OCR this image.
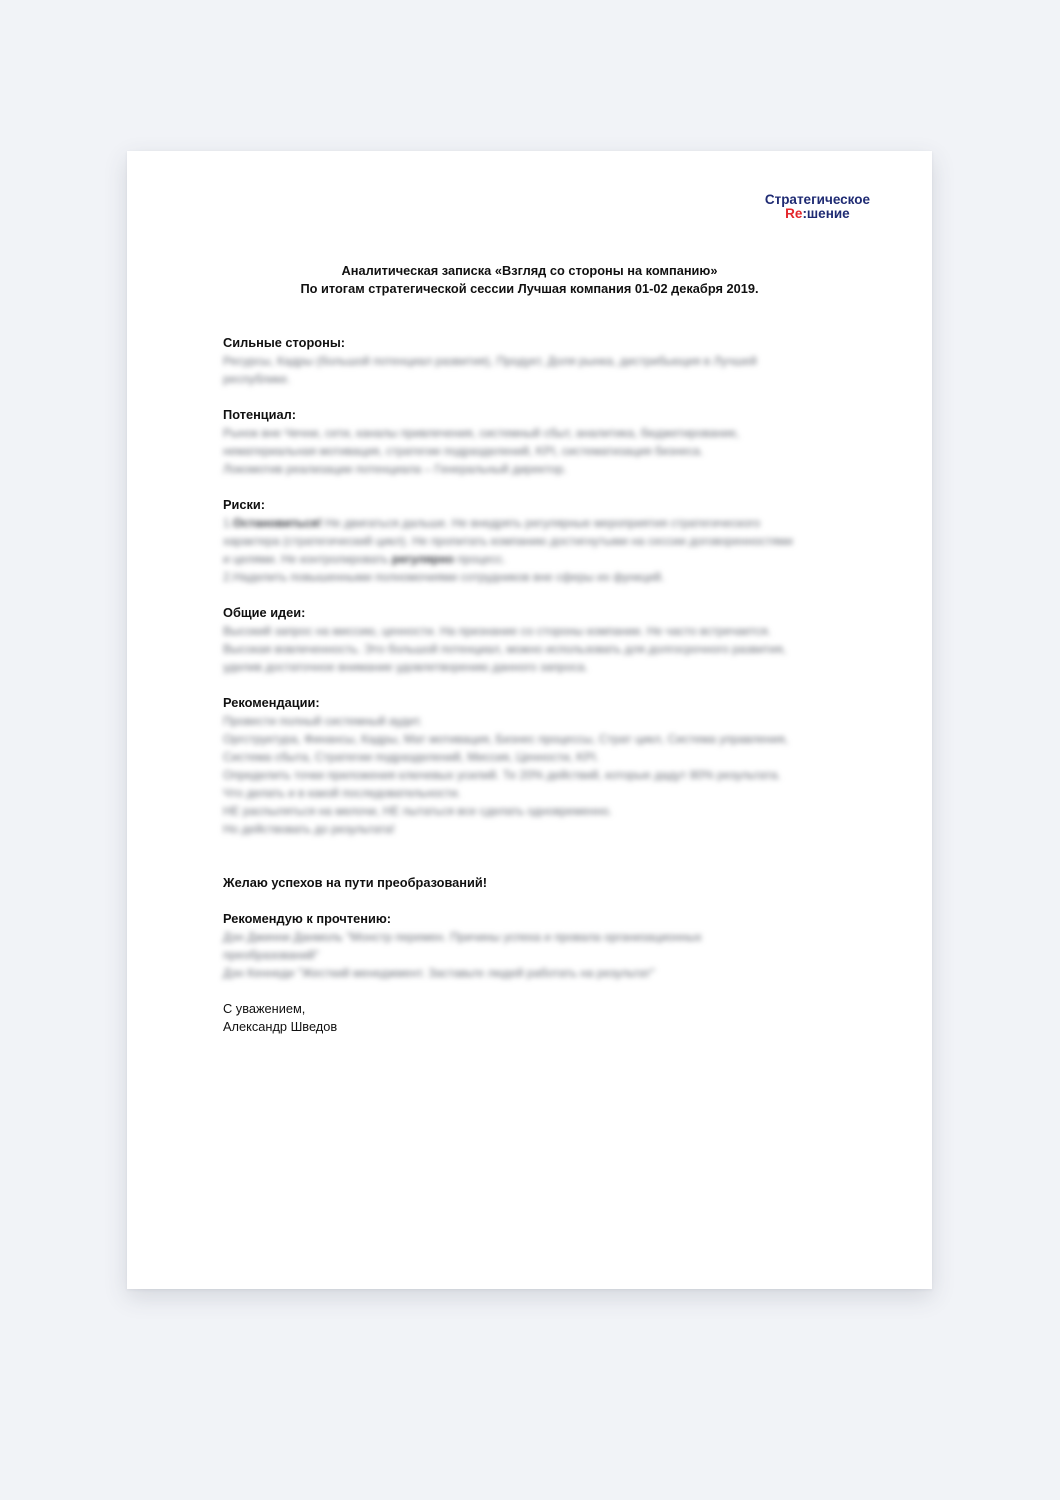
Стратегическое
Re:шение
Аналитическая записка «Взгляд со стороны на компанию»
По итогам стратегической сессии Лучшая компания 01-02 декабря 2019.
Сильные стороны:
Ресурсы, Кадры (большой потенциал развития), Продукт, Доля рынка, дистрибьюция в Лучшей
республике.
Потенциал:
Рынок вне Чечни, сети, каналы привлечения, системный сбыт, аналитика, бюджетирование,
нематериальная мотивация, стратегии подразделений, KPI, систематизация бизнеса.
Локомотив реализации потенциала – Генеральный директор.
Риски:
1.Остановиться! Не двигаться дальше. Не внедрять регулярные мероприятия стратегического
характера (стратегический цикл). Не пропитать компанию достигнутыми на сессии договоренностями
и целями. Не контролировать регулярно процесс.
2.Наделить повышенными полномочиями сотрудников вне сферы их функций.
Общие идеи:
Высокий запрос на миссию, ценности. На признание со стороны компании. Не часто встречается.
Высокая вовлеченность. Это большой потенциал, можно использовать для долгосрочного развития,
уделив достаточное внимание удовлетворению данного запроса.
Рекомендации:
Провести полный системный аудит.
Оргструктура, Финансы, Кадры, Мат мотивация, Бизнес процессы, Страт цикл, Система управления,
Система сбыта, Стратегии подразделений, Миссия, Ценности, KPI.
Определить точки приложения ключевых усилий. Те 20% действий, которые дадут 80% результата.
Что делать и в какой последовательности.
НЕ распыляться на мелочи, НЕ пытаться все сделать одновременно.
Но действовать до результата!
Желаю успехов на пути преобразований!
Рекомендую к прочтению:
Дэн Джинни Данмоль "Монстр перемен. Причины успеха и провала организационных
преобразований"
Дэн Кеннеди "Жесткий менеджмент. Заставьте людей работать на результат"
С уважением,
Александр Шведов
